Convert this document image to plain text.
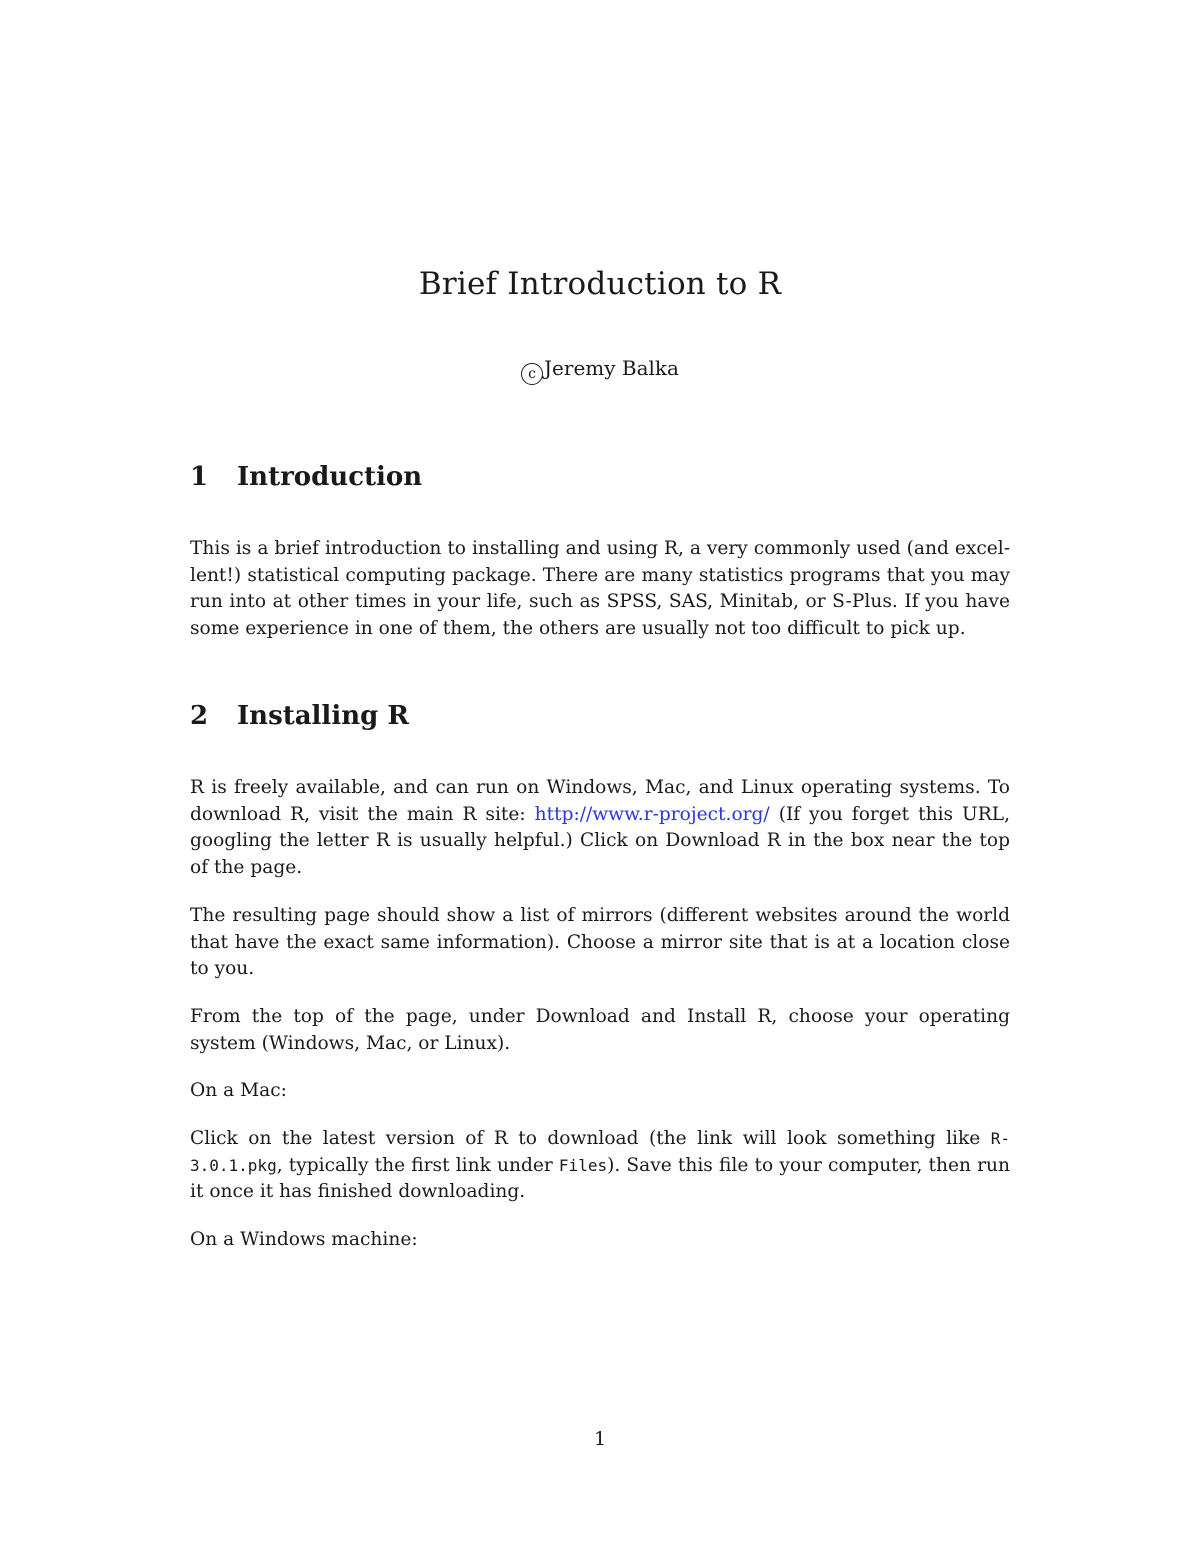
Brief Introduction to R
c Jeremy Balka
1 Introduction

This is a brief introduction to installing and using R, a very commonly used (and excel-lent!) statistical computing package. There are many statistics programs that you may run into at other times in your life, such as SPSS, SAS, Minitab, or S-Plus. If you have some experience in one of them, the others are usually not too difficult to pick up.

2 Installing R

R is freely available, and can run on Windows, Mac, and Linux operating systems. To download R, visit the main R site: http://www.r-project.org/ (If you forget this URL, googling the letter R is usually helpful.) Click on Download R in the box near the top of the page.

The resulting page should show a list of mirrors (different websites around the world that have the exact same information). Choose a mirror site that is at a location close to you.

From the top of the page, under Download and Install R, choose your operating system (Windows, Mac, or Linux).

On a Mac:

Click on the latest version of R to download (the link will look something like R-3.0.1.pkg, typically the first link under Files). Save this file to your computer, then run it once it has finished downloading.

On a Windows machine:

1
